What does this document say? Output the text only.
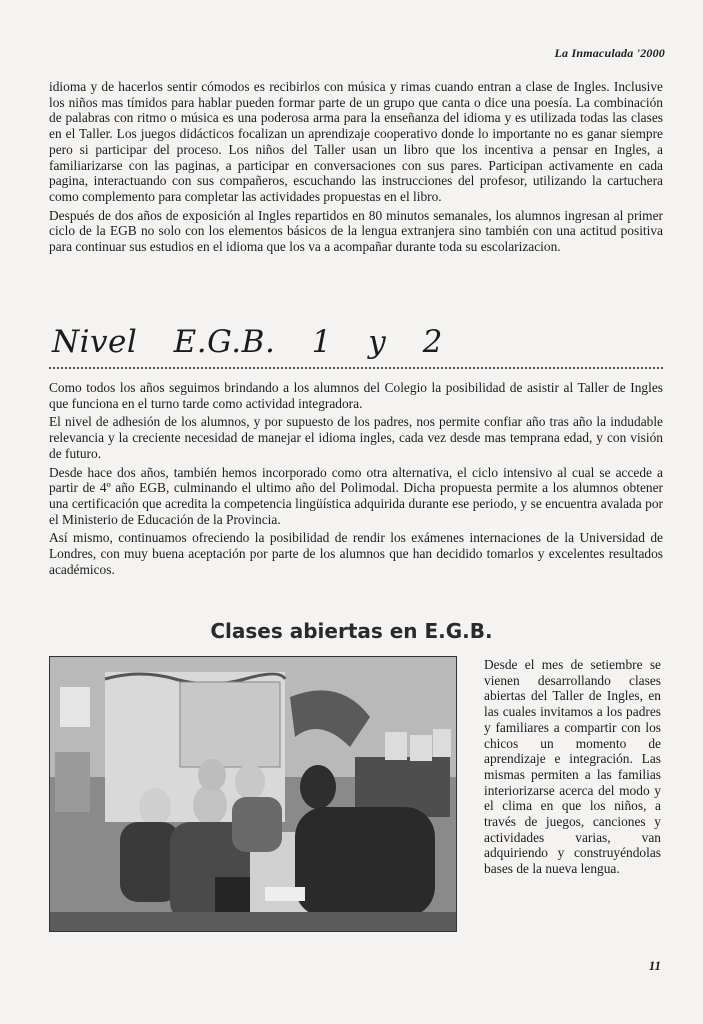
La Inmaculada '2000

idioma y de hacerlos sentir cómodos es recibirlos con música y rimas cuando entran a clase de Ingles. Inclusive los niños mas tímidos para hablar pueden formar parte de un grupo que canta o dice una poesía. La combinación de palabras con ritmo o música es una poderosa arma para la enseñanza del idioma y es utilizada todas las clases en el Taller. Los juegos didácticos focalizan un aprendizaje cooperativo donde lo importante no es ganar siempre pero si participar del proceso. Los niños del Taller usan un libro que los incentiva a pensar en Ingles, a familiarizarse con las paginas, a participar en conversaciones con sus pares. Participan activamente en cada pagina, interactuando con sus compañeros, escuchando las instrucciones del profesor, utilizando la cartuchera como complemento para completar las actividades propuestas en el libro.

Después de dos años de exposición al Ingles repartidos en 80 minutos semanales, los alumnos ingresan al primer ciclo de la EGB no solo con los elementos básicos de la lengua extranjera sino también con una actitud positiva para continuar sus estudios en el idioma que los va a acompañar durante toda su escolarizacion.

Nivel E.G.B. 1 y 2

Como todos los años seguimos brindando a los alumnos del Colegio la posibilidad de asistir al Taller de Ingles que funciona en el turno tarde como actividad integradora.

El nivel de adhesión de los alumnos, y por supuesto de los padres, nos permite confiar año tras año la indudable relevancia y la creciente necesidad de manejar el idioma ingles, cada vez desde mas temprana edad, y con visión de futuro.

Desde hace dos años, también hemos incorporado como otra alternativa, el ciclo intensivo al cual se accede a partir de 4º año EGB, culminando el ultimo año del Polimodal. Dicha propuesta permite a los alumnos obtener una certificación que acredita la competencia lingüística adquirida durante ese periodo, y se encuentra avalada por el Ministerio de Educación de la Provincia.

Así mismo, continuamos ofreciendo la posibilidad de rendir los exámenes internaciones de la Universidad de Londres, con muy buena aceptación por parte de los alumnos que han decidido tomarlos y excelentes resultados académicos.

Clases abiertas en E.G.B.
Desde el mes de setiembre se vienen desarrollando clases abiertas del Taller de Ingles, en las cuales invitamos a los padres y familiares a compartir con los chicos un momento de aprendizaje e integración. Las mismas permiten a las familias interiorizarse acerca del modo y el clima en que los niños, a través de juegos, canciones y actividades varias, van adquiriendo y construyéndolas bases de la nueva lengua.
11
